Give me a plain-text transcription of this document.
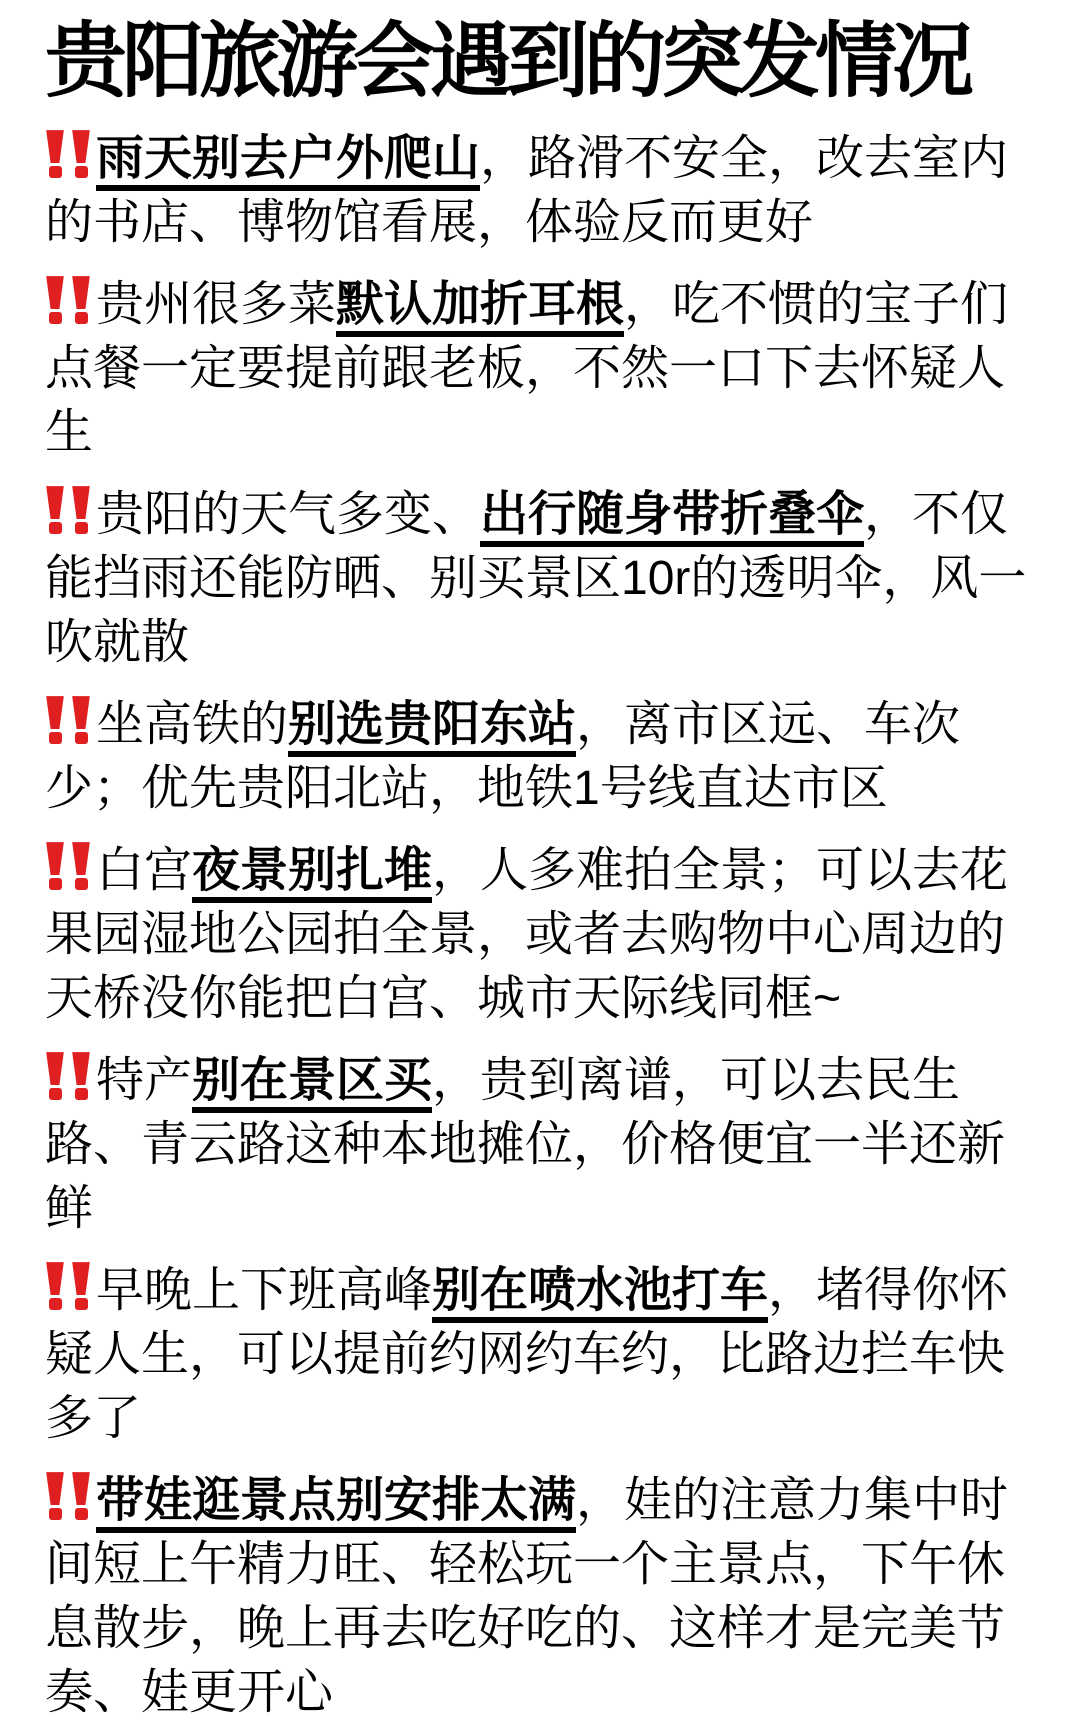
贵阳旅游会遇到的突发情况

雨天别去户外爬山，路滑不安全，改去室内的书店、博物馆看展，体验反而更好

贵州很多菜默认加折耳根，吃不惯的宝子们点餐一定要提前跟老板，不然一口下去怀疑人生

贵阳的天气多变、出行随身带折叠伞，不仅能挡雨还能防晒、别买景区10r的透明伞，风一吹就散

坐高铁的别选贵阳东站，离市区远、车次少；优先贵阳北站，地铁1号线直达市区

白宫夜景别扎堆，人多难拍全景；可以去花果园湿地公园拍全景，或者去购物中心周边的天桥没你能把白宫、城市天际线同框~

特产别在景区买，贵到离谱，可以去民生路、青云路这种本地摊位，价格便宜一半还新鲜

早晚上下班高峰别在喷水池打车，堵得你怀疑人生，可以提前约网约车约，比路边拦车快多了

带娃逛景点别安排太满，娃的注意力集中时间短上午精力旺、轻松玩一个主景点，下午休息散步，晚上再去吃好吃的、这样才是完美节奏、娃更开心
